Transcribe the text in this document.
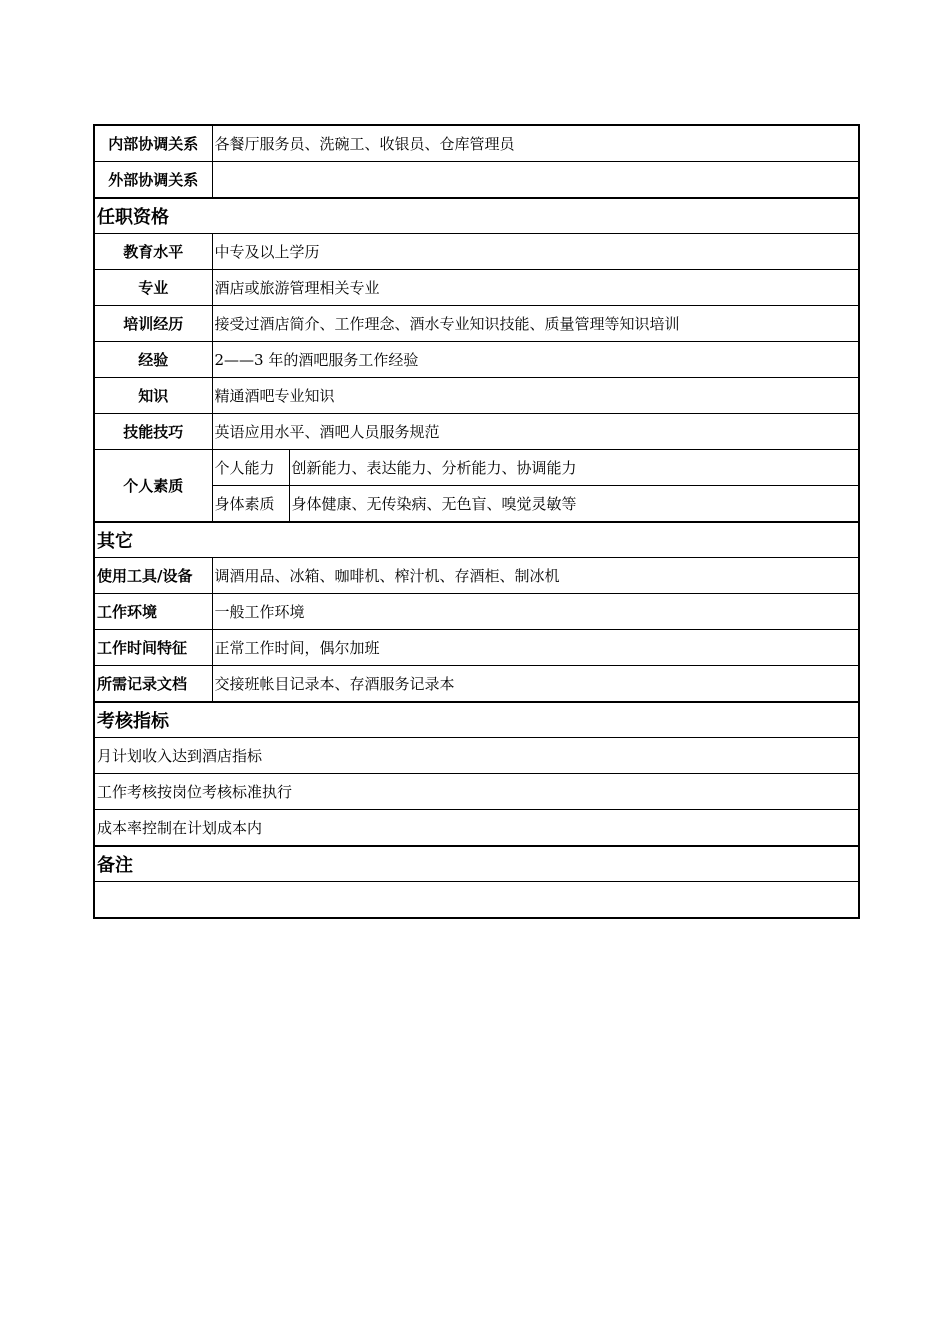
内部协调关系	各餐厅服务员、洗碗工、收银员、仓库管理员	
外部协调关系		
任职资格		
教育水平	中专及以上学历	
专业	酒店或旅游管理相关专业	
培训经历	接受过酒店简介、工作理念、酒水专业知识技能、质量管理等知识培训	
经验	2——3 年的酒吧服务工作经验	
知识	精通酒吧专业知识	
技能技巧	英语应用水平、酒吧人员服务规范	
个人素质	个人能力	创新能力、表达能力、分析能力、协调能力
	身体素质	身体健康、无传染病、无色盲、嗅觉灵敏等
其它		
使用工具/设备	调酒用品、冰箱、咖啡机、榨汁机、存酒柜、制冰机	
工作环境	一般工作环境	
工作时间特征	正常工作时间，偶尔加班	
所需记录文档	交接班帐目记录本、存酒服务记录本	
考核指标		
月计划收入达到酒店指标		
工作考核按岗位考核标准执行		
成本率控制在计划成本内		
备注		
